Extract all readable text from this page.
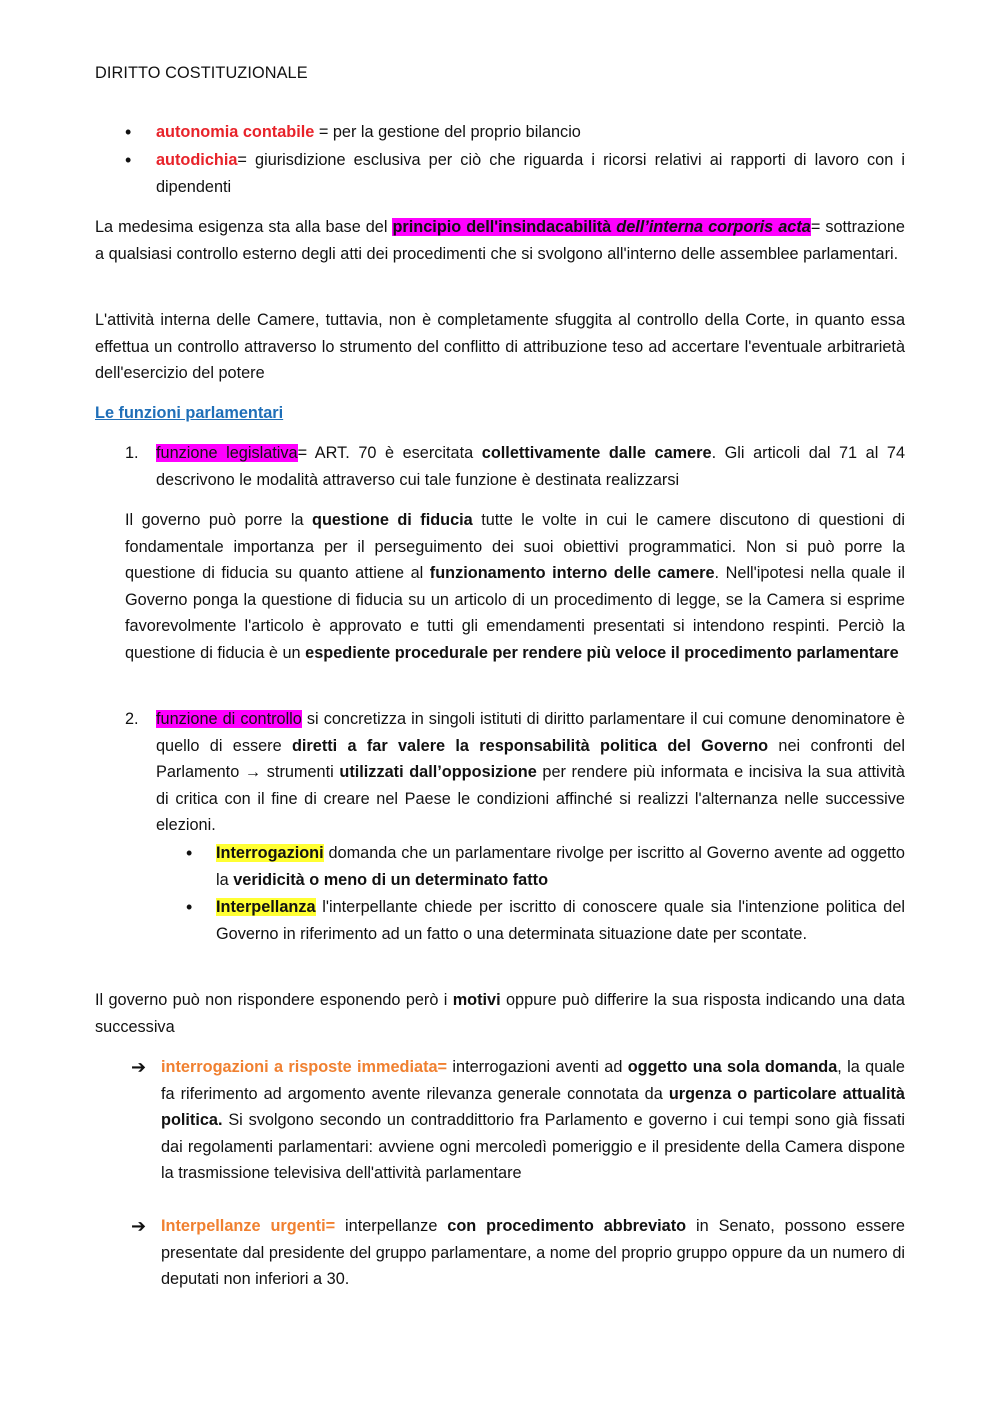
DIRITTO COSTITUZIONALE
• autonomia contabile = per la gestione del proprio bilancio
• autodichia= giurisdizione esclusiva per ciò che riguarda i ricorsi relativi ai rapporti di lavoro con i dipendenti
La medesima esigenza sta alla base del principio dell'insindacabilità dell’interna corporis acta= sottrazione a qualsiasi controllo esterno degli atti dei procedimenti che si svolgono all'interno delle assemblee parlamentari.
L'attività interna delle Camere, tuttavia, non è completamente sfuggita al controllo della Corte, in quanto essa effettua un controllo attraverso lo strumento del conflitto di attribuzione teso ad accertare l'eventuale arbitrarietà dell'esercizio del potere
Le funzioni parlamentari
1. funzione legislativa= ART. 70 è esercitata collettivamente dalle camere. Gli articoli dal 71 al 74 descrivono le modalità attraverso cui tale funzione è destinata realizzarsi
Il governo può porre la questione di fiducia tutte le volte in cui le camere discutono di questioni di fondamentale importanza per il perseguimento dei suoi obiettivi programmatici. Non si può porre la questione di fiducia su quanto attiene al funzionamento interno delle camere. Nell'ipotesi nella quale il Governo ponga la questione di fiducia su un articolo di un procedimento di legge, se la Camera si esprime favorevolmente l'articolo è approvato e tutti gli emendamenti presentati si intendono respinti. Perciò la questione di fiducia è un espediente procedurale per rendere più veloce il procedimento parlamentare
2. funzione di controllo si concretizza in singoli istituti di diritto parlamentare il cui comune denominatore è quello di essere diretti a far valere la responsabilità politica del Governo nei confronti del Parlamento → strumenti utilizzati dall’opposizione per rendere più informata e incisiva la sua attività di critica con il fine di creare nel Paese le condizioni affinché si realizzi l'alternanza nelle successive elezioni.
• Interrogazioni domanda che un parlamentare rivolge per iscritto al Governo avente ad oggetto la veridicità o meno di un determinato fatto
• Interpellanza l'interpellante chiede per iscritto di conoscere quale sia l'intenzione politica del Governo in riferimento ad un fatto o una determinata situazione date per scontate.
Il governo può non rispondere esponendo però i motivi oppure può differire la sua risposta indicando una data successiva
➔ interrogazioni a risposte immediata= interrogazioni aventi ad oggetto una sola domanda, la quale fa riferimento ad argomento avente rilevanza generale connotata da urgenza o particolare attualità politica. Si svolgono secondo un contraddittorio fra Parlamento e governo i cui tempi sono già fissati dai regolamenti parlamentari: avviene ogni mercoledì pomeriggio e il presidente della Camera dispone la trasmissione televisiva dell'attività parlamentare
➔ Interpellanze urgenti= interpellanze con procedimento abbreviato in Senato, possono essere presentate dal presidente del gruppo parlamentare, a nome del proprio gruppo oppure da un numero di deputati non inferiori a 30.
